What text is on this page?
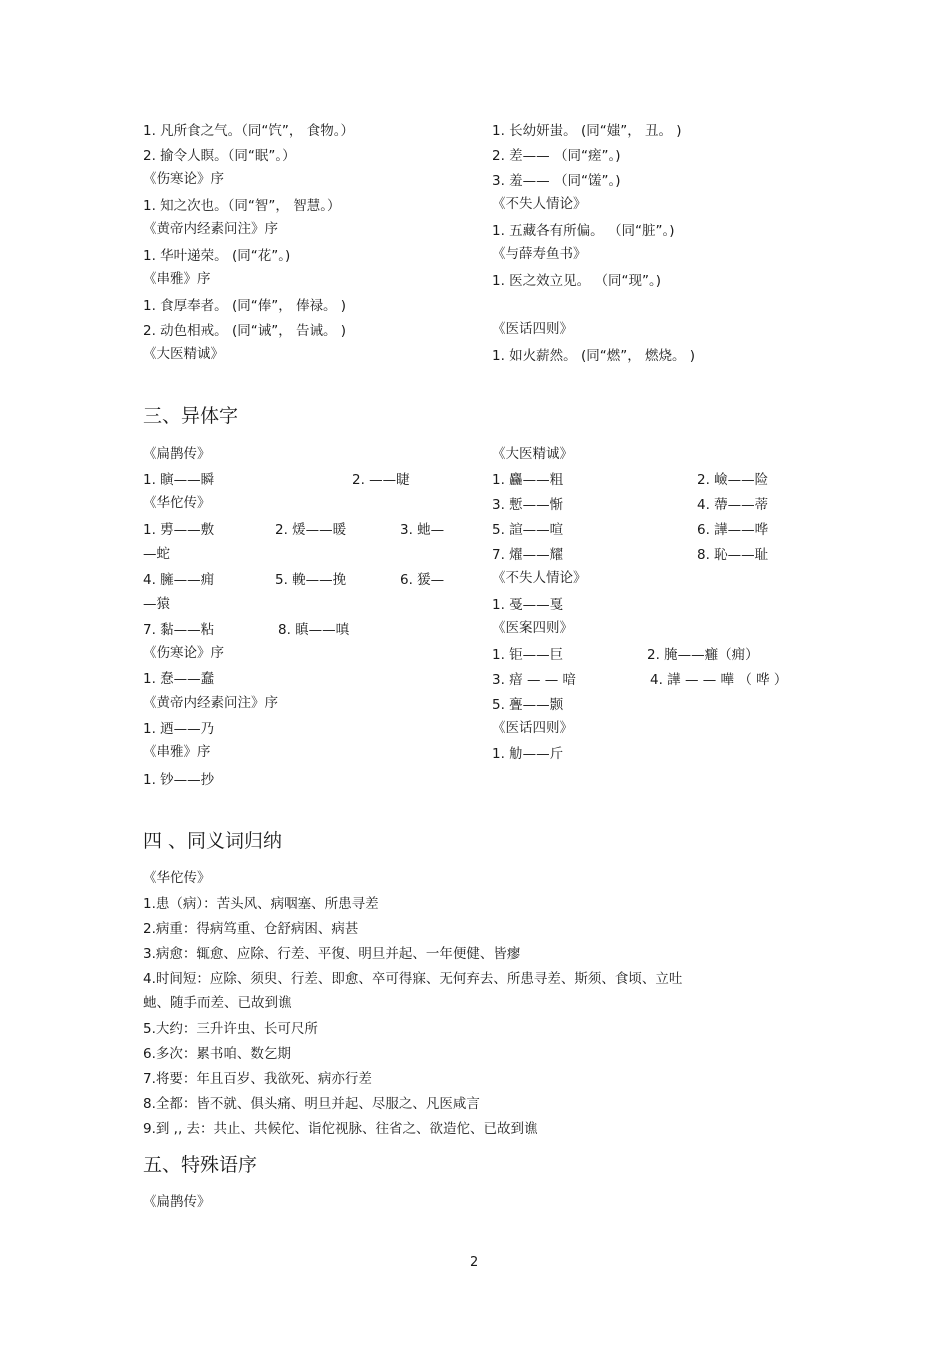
1. 凡所食之气。（同“饩”， 食物。）
2. 揄令人瞑。（同“眠”。）
《伤寒论》序
1. 知之次也。（同“智”， 智慧。）
《黄帝内经素问注》序
1. 华叶递荣。 (同“花”。)
《串雅》序
1. 食厚奉者。 (同“俸”， 俸禄。 )
2. 动色相戒。 (同“诫”， 告诫。 )
《大医精诚》
1. 长幼妍蚩。 (同“媸”， 丑。 )
2. 差—— （同“瘥”。)
3. 羞—— （同“馐”。)
《不失人情论》
1. 五藏各有所偏。 （同“脏”。)
《与薛寿鱼书》
1. 医之效立见。 （同“现”。)
《医话四则》
1. 如火薪然。 (同“燃”， 燃烧。 )
三、异体字
《扁鹊传》
1. 瞚——瞬	2. ——睫
《华佗传》
1. 旉——敷	2. 煖——暖	3. 虵—
—蛇
4. 臃——痈	5. 輓——挽	6. 猨—
—猿
7. 黏——粘	8. 瞋——嗔
《伤寒论》序
1. 惷——蠢
《黄帝内经素问注》序
1. 迺——乃
《串雅》序
1. 钞——抄
《大医精诚》
1. 麤——粗	2. 嶮——险
3. 慙——惭	4. 蔕——蒂
5. 諠——喧	6. 譁——哗
7. 燿——耀	8. 恥——耻
《不失人情论》
1. 戞——戛
《医案四则》
1. 钜——巨	2. 腌——癰（痈）
3. 瘖 — — 喑	4. 譁 — — 嘩 （ 哗 ）
5. 亹——颢
《医话四则》
1. 觔——斤
四 、同义词归纳
《华佗传》
1.患（病）：苦头风、病咽塞、所患寻差
2.病重：得病笃重、仓舒病困、病甚
3.病愈：辄愈、应除、行差、平復、明旦并起、一年便健、皆瘳
4.时间短：应除、须臾、行差、即愈、卒可得寐、无何弃去、所患寻差、斯须、食顷、立吐
虵、随手而差、已故到谯
5.大约：三升许虫、长可尺所
6.多次：累书咱、数乞期
7.将要：年且百岁、我欲死、病亦行差
8.全都：皆不就、俱头痛、明旦并起、尽服之、凡医咸言
9.到 ,, 去：共止、共候佗、诣佗视脉、往省之、欲造佗、已故到谯
五、特殊语序
《扁鹊传》
2
